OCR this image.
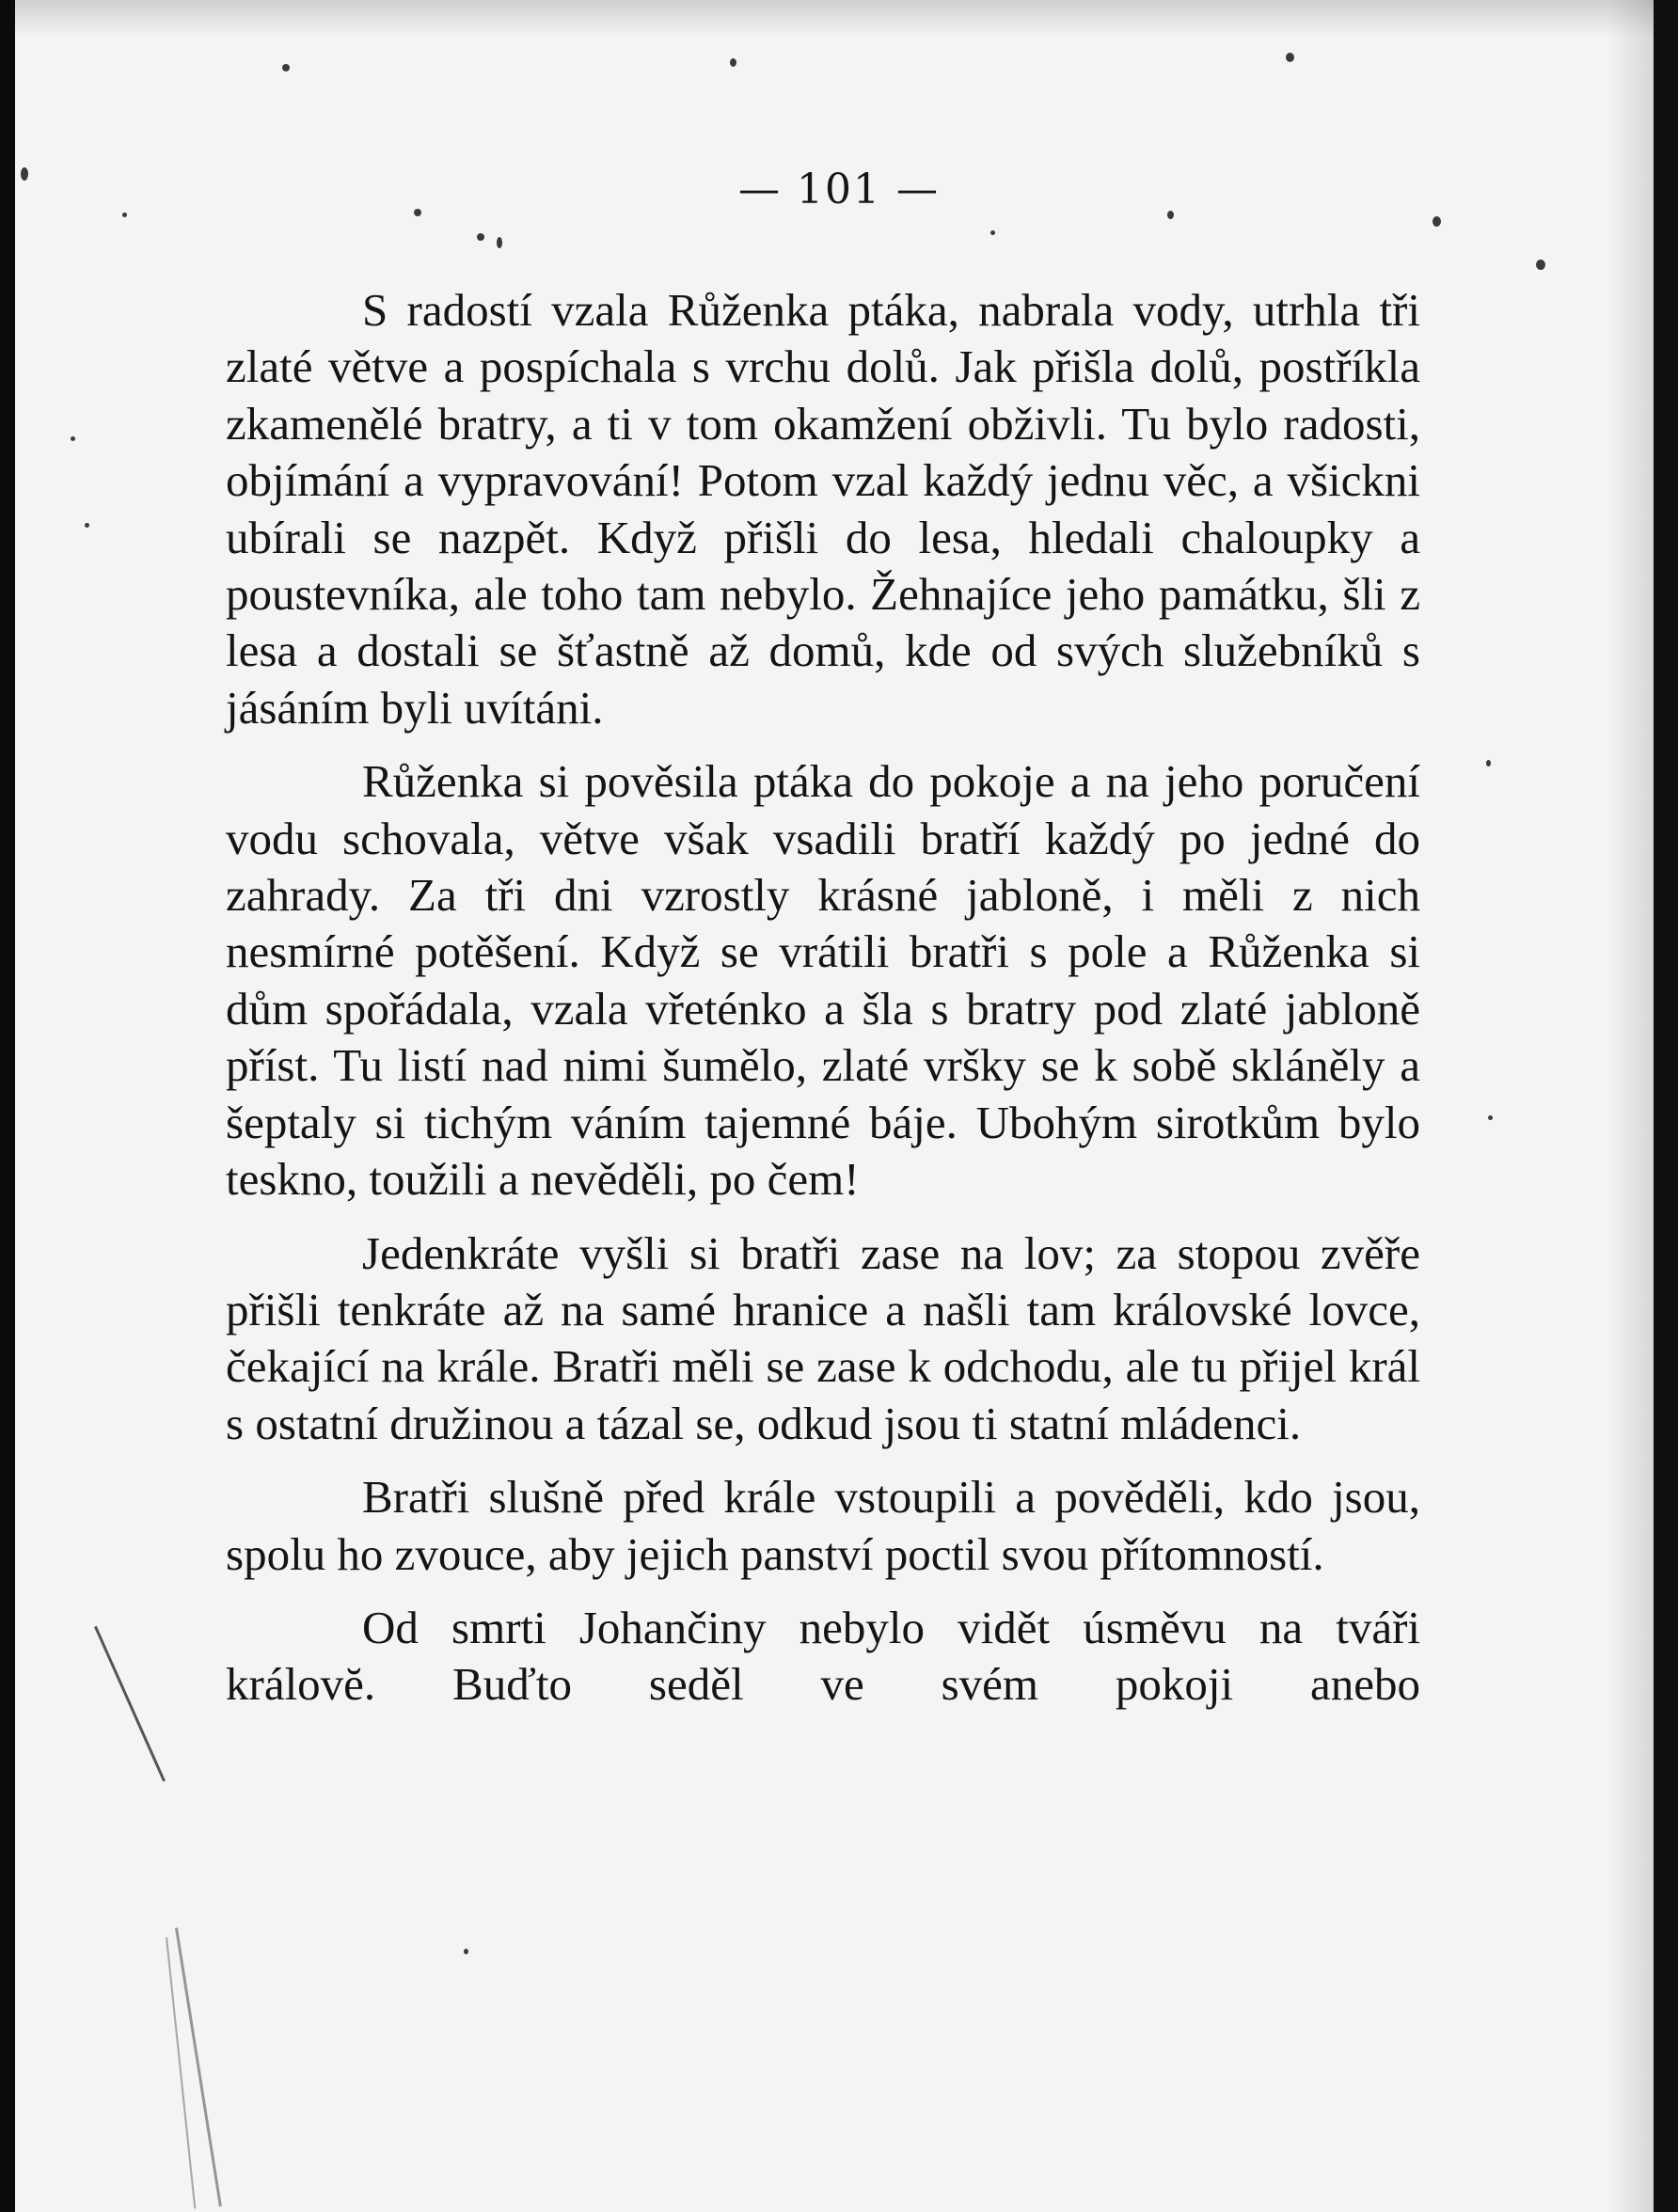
— 101 —

S radostí vzala Růženka ptáka, nabrala vody, utrhla tři zlaté větve a pospíchala s vrchu dolů. Jak přišla dolů, postříkla zkamenělé bratry, a ti v tom okamžení obživli. Tu bylo radosti, objímání a vypravování! Potom vzal každý jednu věc, a všickni ubírali se nazpět. Když přišli do lesa, hledali chaloupky a poustevníka, ale toho tam nebylo. Žehnajíce jeho památku, šli z lesa a dostali se šťastně až domů, kde od svých služebníků s jásáním byli uvítáni.

Růženka si pověsila ptáka do pokoje a na jeho poručení vodu schovala, větve však vsadili bratří každý po jedné do zahrady. Za tři dni vzrostly krásné jabloně, i měli z nich nesmírné potěšení. Když se vrátili bratři s pole a Růženka si dům spořádala, vzala vřeténko a šla s bratry pod zlaté jabloně příst. Tu listí nad nimi šumělo, zlaté vršky se k sobě skláněly a šeptaly si tichým váním tajemné báje. Ubohým sirotkům bylo teskno, toužili a nevěděli, po čem!

Jedenkráte vyšli si bratři zase na lov; za stopou zvěře přišli tenkráte až na samé hranice a našli tam královské lovce, čekající na krále. Bratři měli se zase k odchodu, ale tu přijel král s ostatní družinou a tázal se, odkud jsou ti statní mládenci.

Bratři slušně před krále vstoupili a pověděli, kdo jsou, spolu ho zvouce, aby jejich panství poctil svou přítomností.

Od smrti Johančiny nebylo vidět úsměvu na tváři královĕ. Buďto seděl ve svém pokoji anebo
